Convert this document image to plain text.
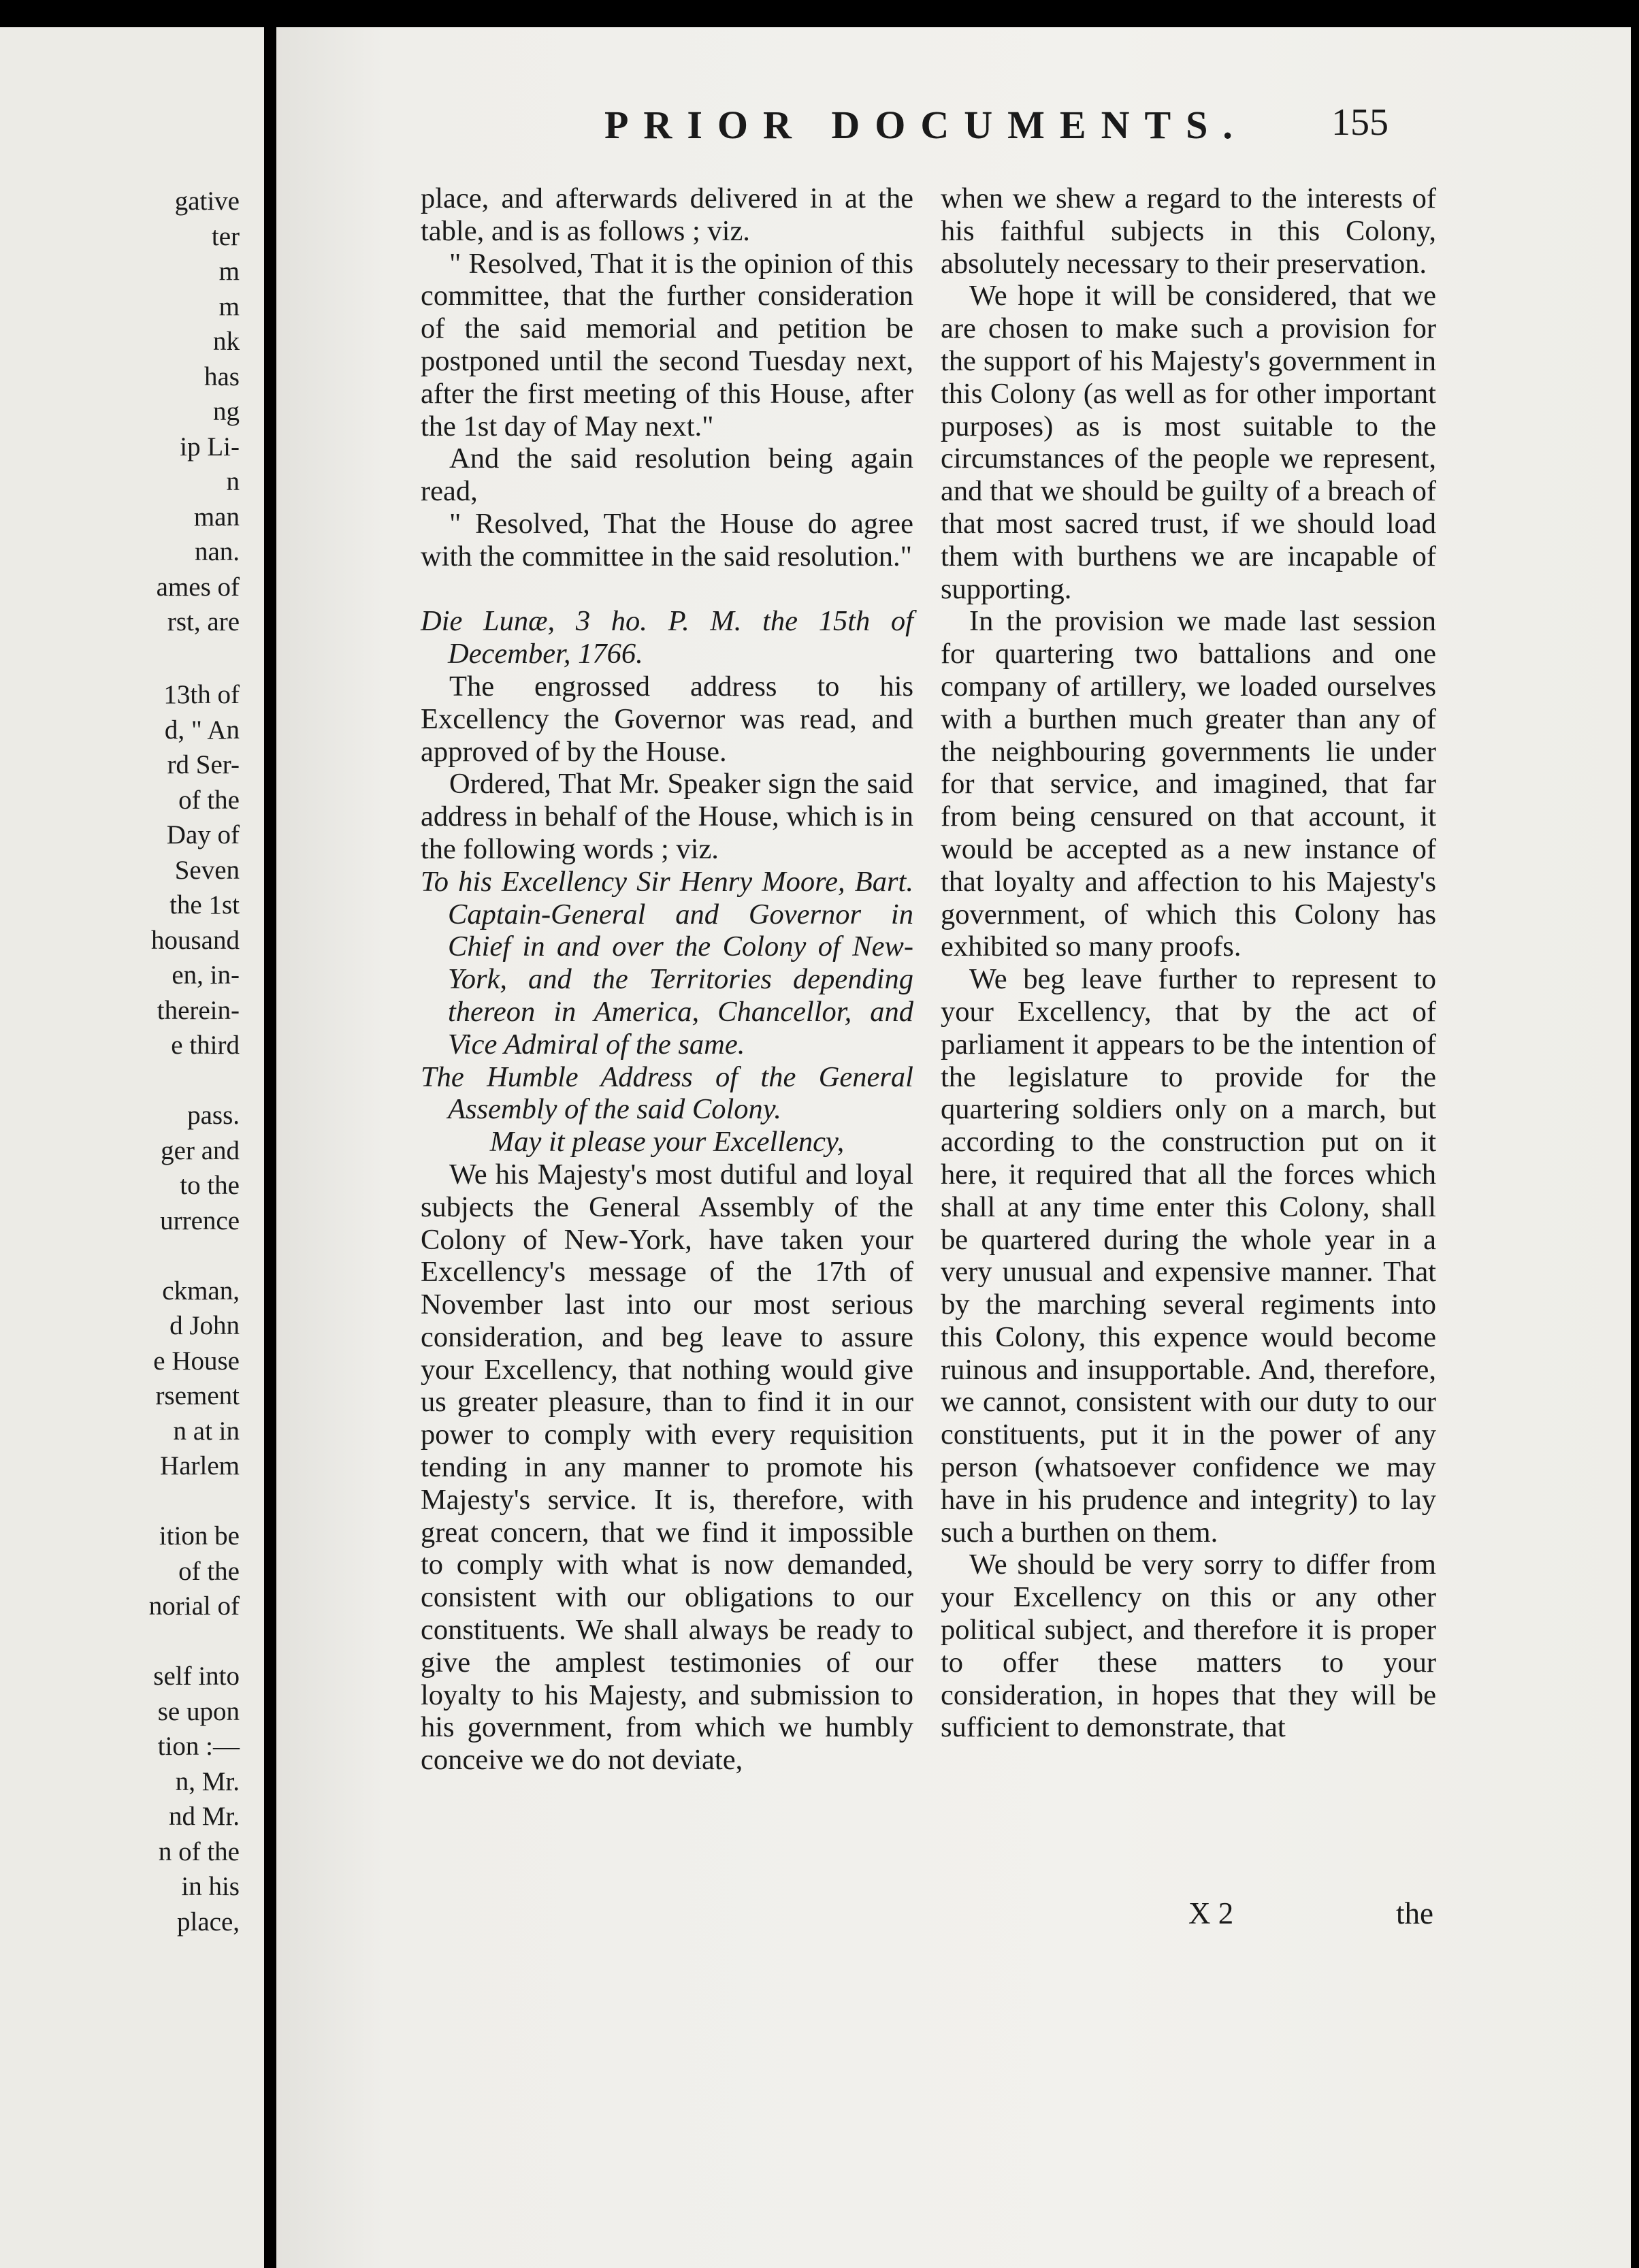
gative
ter
m
m
nk
has
ng
ip Li-
n
man
nan.
ames of
rst, are
13th of
d, " An
rd Ser-
of the
Day of
Seven
the 1st
housand
en, in-
therein-
e third
pass.
ger and
to the
urrence
ckman,
d John
e House
rsement
n at in
Harlem
ition be
of the
norial of
self into
se upon
tion :—
n, Mr.
nd Mr.
n of the
in his
place,
PRIOR DOCUMENTS. 155

place, and afterwards delivered in at the table, and is as follows ; viz.

" Resolved, That it is the opinion of this committee, that the further consideration of the said memorial and petition be postponed until the second Tuesday next, after the first meeting of this House, after the 1st day of May next."

And the said resolution being again read,

" Resolved, That the House do agree with the committee in the said resolution."

Die Lunæ, 3 ho. P. M. the 15th of December, 1766.

The engrossed address to his Excellency the Governor was read, and approved of by the House.

Ordered, That Mr. Speaker sign the said address in behalf of the House, which is in the following words ; viz.

To his Excellency Sir Henry Moore, Bart. Captain-General and Governor in Chief in and over the Colony of New-York, and the Territories depending thereon in America, Chancellor, and Vice Admiral of the same.

The Humble Address of the General Assembly of the said Colony.

May it please your Excellency,

We his Majesty's most dutiful and loyal subjects the General Assembly of the Colony of New-York, have taken your Excellency's message of the 17th of November last into our most serious consideration, and beg leave to assure your Excellency, that nothing would give us greater pleasure, than to find it in our power to comply with every requisition tending in any manner to promote his Majesty's service. It is, therefore, with great concern, that we find it impossible to comply with what is now demanded, consistent with our obligations to our constituents. We shall always be ready to give the amplest testimonies of our loyalty to his Majesty, and submission to his government, from which we humbly conceive we do not deviate,

when we shew a regard to the interests of his faithful subjects in this Colony, absolutely necessary to their preservation.

We hope it will be considered, that we are chosen to make such a provision for the support of his Majesty's government in this Colony (as well as for other important purposes) as is most suitable to the circumstances of the people we represent, and that we should be guilty of a breach of that most sacred trust, if we should load them with burthens we are incapable of supporting.

In the provision we made last session for quartering two battalions and one company of artillery, we loaded ourselves with a burthen much greater than any of the neighbouring governments lie under for that service, and imagined, that far from being censured on that account, it would be accepted as a new instance of that loyalty and affection to his Majesty's government, of which this Colony has exhibited so many proofs.

We beg leave further to represent to your Excellency, that by the act of parliament it appears to be the intention of the legislature to provide for the quartering soldiers only on a march, but according to the construction put on it here, it required that all the forces which shall at any time enter this Colony, shall be quartered during the whole year in a very unusual and expensive manner. That by the marching several regiments into this Colony, this expence would become ruinous and insupportable. And, therefore, we cannot, consistent with our duty to our constituents, put it in the power of any person (whatsoever confidence we may have in his prudence and integrity) to lay such a burthen on them.

We should be very sorry to differ from your Excellency on this or any other political subject, and therefore it is proper to offer these matters to your consideration, in hopes that they will be sufficient to demonstrate, that

X 2	the
